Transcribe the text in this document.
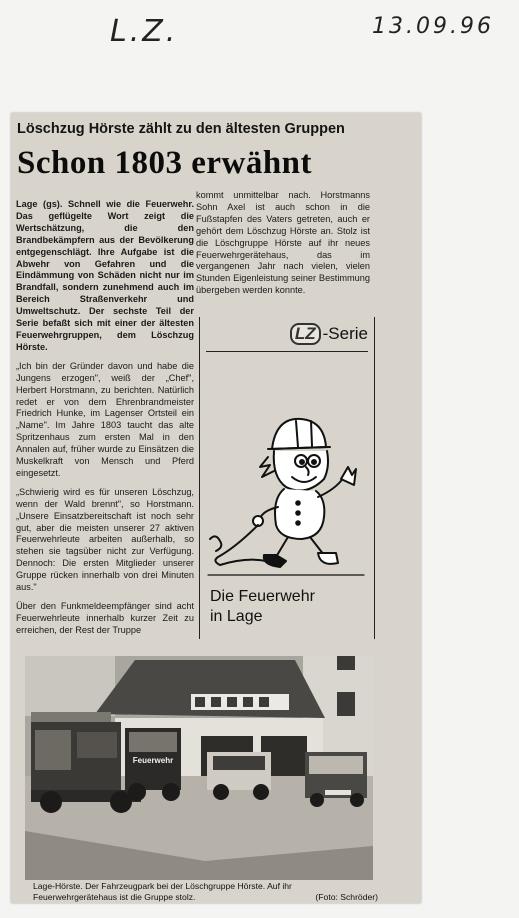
L.Z.	13.09.96
Löschzug Hörste zählt zu den ältesten Gruppen
Schon 1803 erwähnt

Lage (gs). Schnell wie die Feuerwehr. Das geflügelte Wort zeigt die Wertschätzung, die den Brandbekämpfern aus der Bevölkerung entgegenschlägt. Ihre Aufgabe ist die Abwehr von Gefahren und die Eindämmung von Schäden nicht nur im Brandfall, sondern zunehmend auch im Bereich Straßenverkehr und Umweltschutz. Der sechste Teil der Serie befaßt sich mit einer der ältesten Feuerwehrgruppen, dem Löschzug Hörste.

„Ich bin der Gründer davon und habe die Jungens erzogen", weiß der „Chef", Herbert Horstmann, zu berichten. Natürlich redet er von dem Ehrenbrandmeister Friedrich Hunke, im Lagenser Ortsteil ein „Name". Im Jahre 1803 taucht das alte Spritzenhaus zum ersten Mal in den Annalen auf, früher wurde zu Einsätzen die Muskelkraft von Mensch und Pferd eingesetzt.

„Schwierig wird es für unseren Löschzug, wenn der Wald brennt", so Horstmann. „Unsere Einsatzbereitschaft ist noch sehr gut, aber die meisten unserer 27 aktiven Feuerwehrleute arbeiten außerhalb, so stehen sie tagsüber nicht zur Verfügung. Dennoch: Die ersten Mitglieder unserer Gruppe rücken innerhalb von drei Minuten aus."

Über den Funkmeldeempfänger sind acht Feuerwehrleute innerhalb kurzer Zeit zu erreichen, der Rest der Truppe

kommt unmittelbar nach. Horstmanns Sohn Axel ist auch schon in die Fußstapfen des Vaters getreten, auch er gehört dem Löschzug Hörste an. Stolz ist die Löschgruppe Hörste auf ihr neues Feuerwehrgerätehaus, das im vergangenen Jahr nach vielen, vielen Stunden Eigenleistung seiner Bestimmung übergeben werden konnte.

LZ -Serie
Die Feuerwehr
in Lage
Feuerwehr
Lage-Hörste. Der Fahrzeugpark bei der Löschgruppe Hörste. Auf ihr Feuerwehrgerätehaus ist die Gruppe stolz.	(Foto: Schröder)
